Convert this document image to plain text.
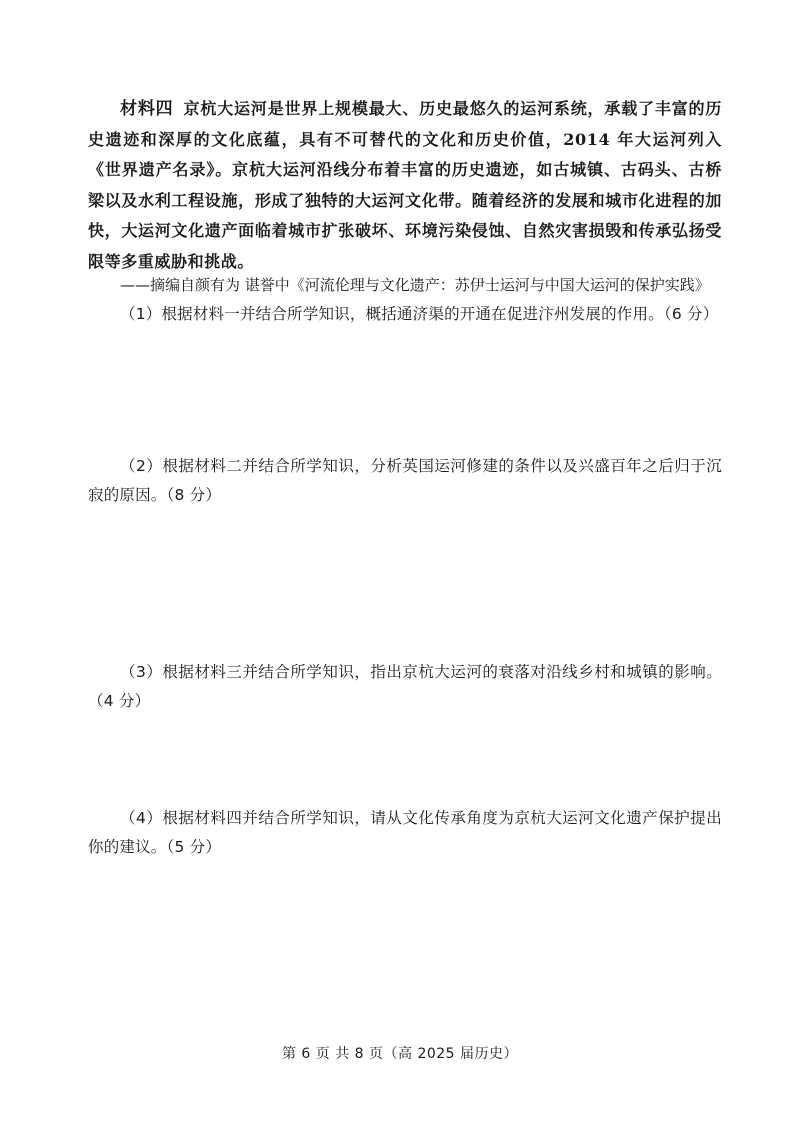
材料四 京杭大运河是世界上规模最大、历史最悠久的运河系统，承载了丰富的历史遗迹和深厚的文化底蕴，具有不可替代的文化和历史价值，2014 年大运河列入《世界遗产名录》。京杭大运河沿线分布着丰富的历史遗迹，如古城镇、古码头、古桥梁以及水利工程设施，形成了独特的大运河文化带。随着经济的发展和城市化进程的加快，大运河文化遗产面临着城市扩张破坏、环境污染侵蚀、自然灾害损毁和传承弘扬受限等多重威胁和挑战。

——摘编自颜有为 谌誉中《河流伦理与文化遗产：苏伊士运河与中国大运河的保护实践》

（1）根据材料一并结合所学知识，概括通济渠的开通在促进汴州发展的作用。（6 分）

（2）根据材料二并结合所学知识，分析英国运河修建的条件以及兴盛百年之后归于沉寂的原因。（8 分）

（3）根据材料三并结合所学知识，指出京杭大运河的衰落对沿线乡村和城镇的影响。（4 分）

（4）根据材料四并结合所学知识，请从文化传承角度为京杭大运河文化遗产保护提出你的建议。（5 分）

第 6 页 共 8 页（高 2025 届历史）
